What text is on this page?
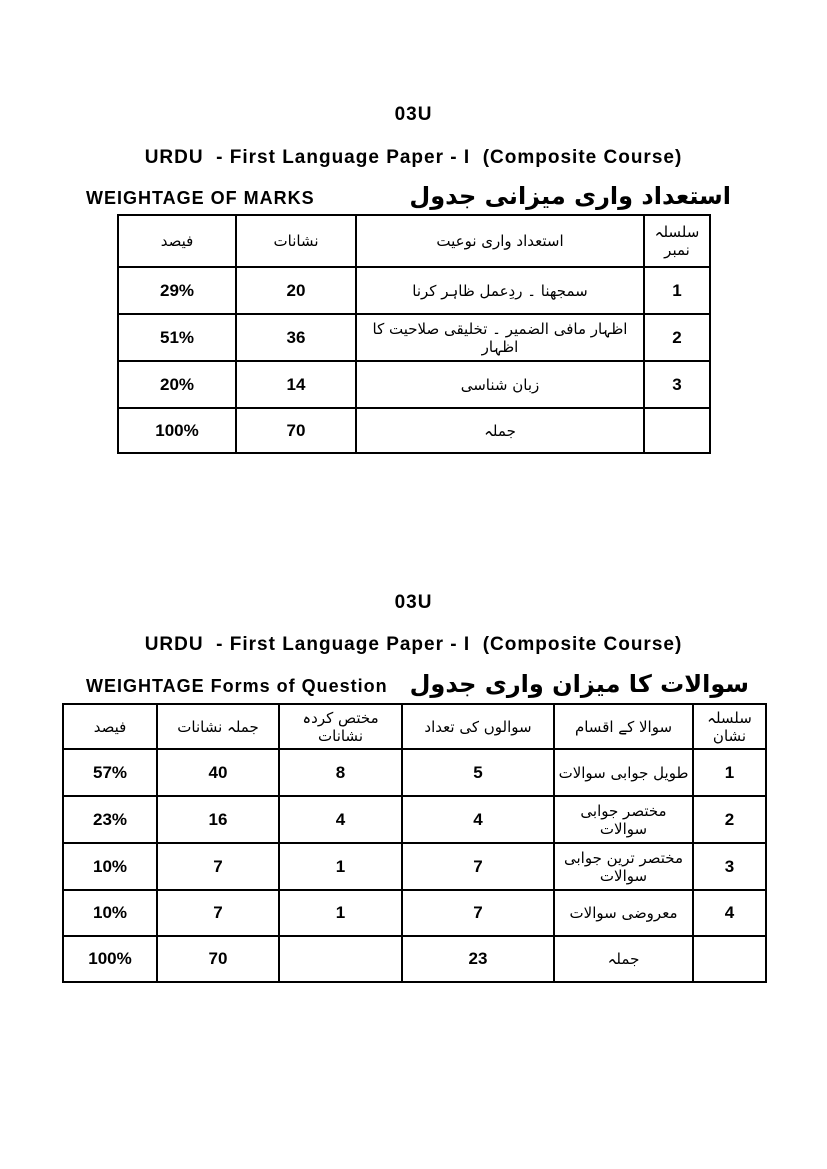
03U
URDU  - First Language Paper - I  (Composite Course)
WEIGHTAGE OF MARKS	استعداد واری میزانی جدول
فیصد	نشانات	استعداد واری نوعیت	سلسلہ نمبر
29%	20	سمجھنا ۔ ردِعمل ظاہر کرنا	1
51%	36	اظہار مافی الضمیر ۔ تخلیقی صلاحیت کا اظہار	2
20%	14	زبان شناسی	3
100%	70	جملہ	
03U
URDU  - First Language Paper - I  (Composite Course)
WEIGHTAGE Forms of Question سوالات کا میزان واری جدول
فیصد	جملہ نشانات	مختص کردہ نشانات	سوالوں کی تعداد	سوالا کے اقسام	سلسلہ نشان
57%	40	8	5	طویل جوابی سوالات	1
23%	16	4	4	مختصر جوابی سوالات	2
10%	7	1	7	مختصر ترین جوابی سوالات	3
10%	7	1	7	معروضی سوالات	4
100%	70		23	جملہ	
